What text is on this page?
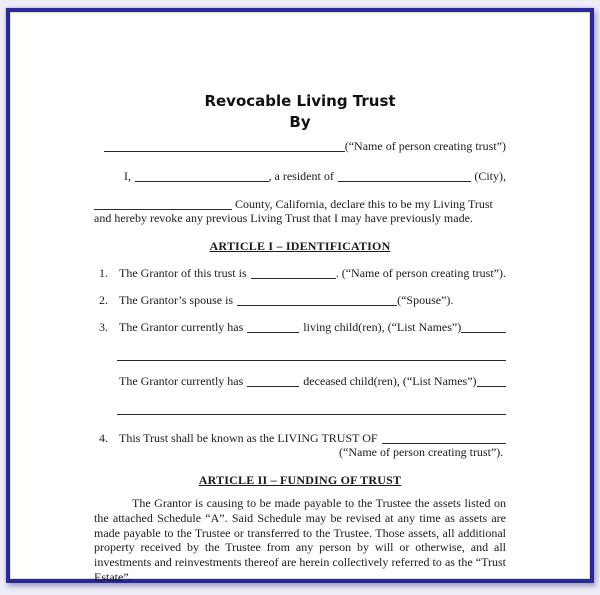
Revocable Living Trust
By
(“Name of person creating trust”)
I,	, a resident of	(City),
County, California, declare this to be my Living Trust
and hereby revoke any previous Living Trust that I may have previously made.
ARTICLE I – IDENTIFICATION
1. The Grantor of this trust is	. (“Name of person creating trust”).
2. The Grantor’s spouse is	(“Spouse”).
3. The Grantor currently has	living child(ren), (“List Names”)
The Grantor currently has	deceased child(ren), (“List Names”)
4. This Trust shall be known as the LIVING TRUST OF
(“Name of person creating trust”).
ARTICLE II – FUNDING OF TRUST
The Grantor is causing to be made payable to the Trustee the assets listed on the attached Schedule “A”. Said Schedule may be revised at any time as assets are made payable to the Trustee or transferred to the Trustee. Those assets, all additional property received by the Trustee from any person by will or otherwise, and all investments and reinvestments thereof are herein collectively referred to as the “Trust Estate”.
